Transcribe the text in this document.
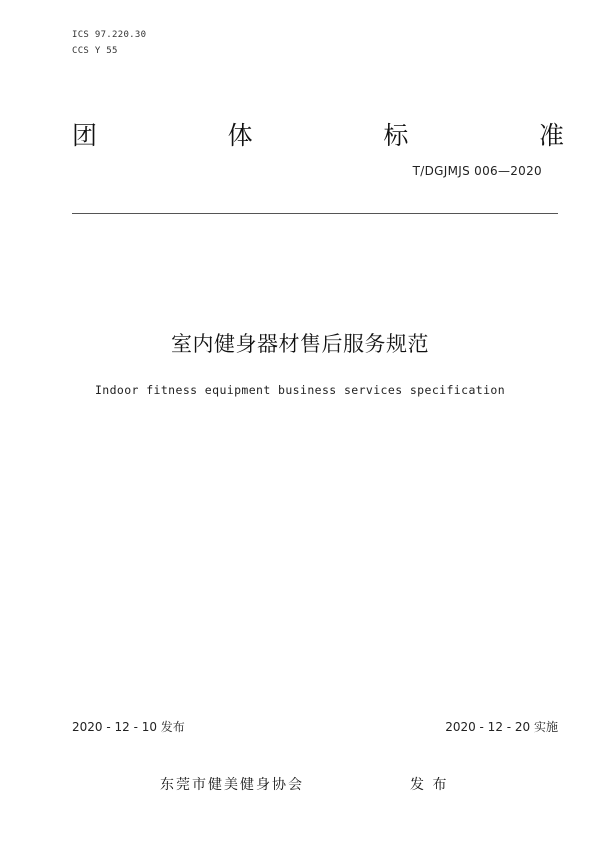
ICS 97.220.30
CCS Y 55
团	体	标	准
T/DGJMJS 006—2020
室内健身器材售后服务规范
Indoor fitness equipment business services specification
2020 - 12 - 10 发布	2020 - 12 - 20 实施
东莞市健美健身协会	发 布
